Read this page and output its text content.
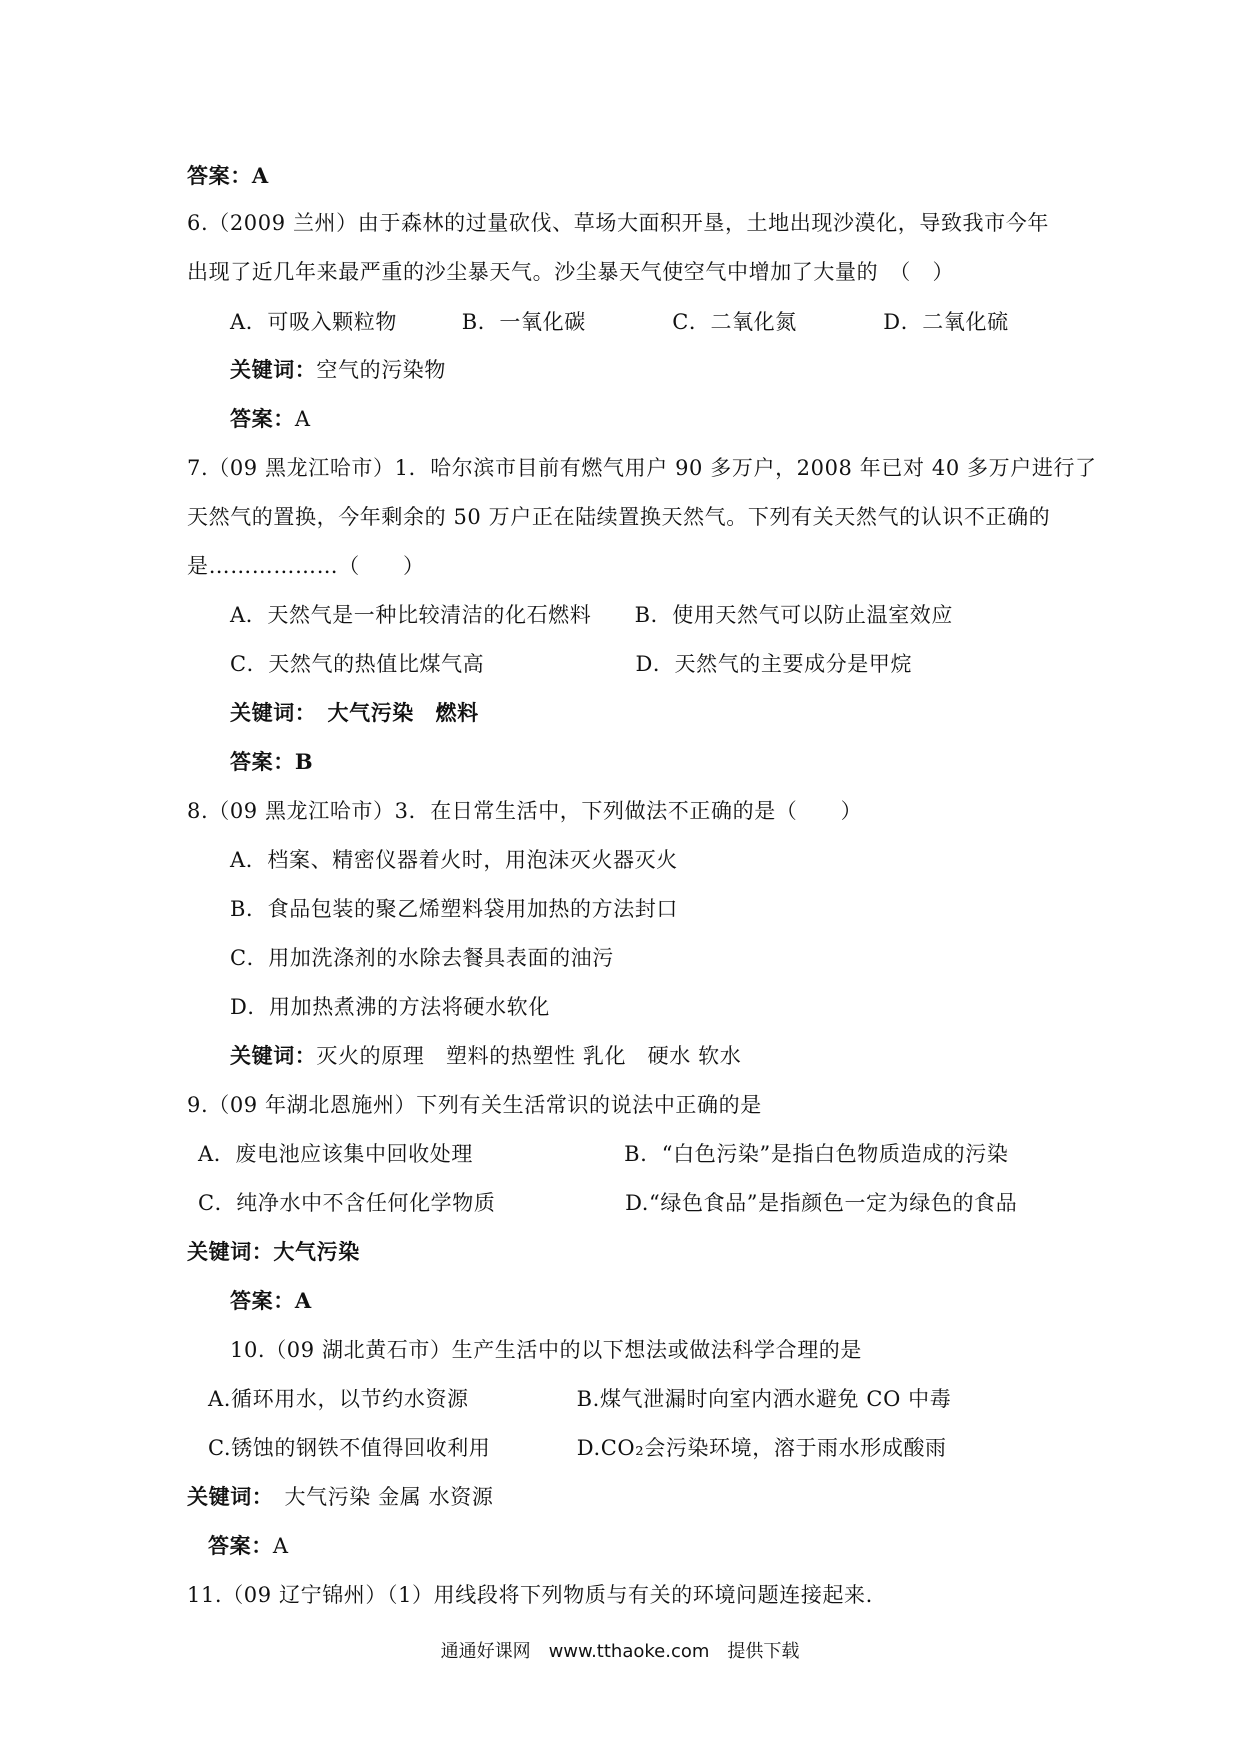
答案：A
6.（2009 兰州）由于森林的过量砍伐、草场大面积开垦，土地出现沙漠化，导致我市今年
出现了近几年来最严重的沙尘暴天气。沙尘暴天气使空气中增加了大量的　（　）
A．可吸入颗粒物　　　B．一氧化碳　　　　C．二氧化氮　　　　D．二氧化硫
关键词：空气的污染物
答案：A
7.（09 黑龙江哈市）1．哈尔滨市目前有燃气用户 90 多万户，2008 年已对 40 多万户进行了
天然气的置换，今年剩余的 50 万户正在陆续置换天然气。下列有关天然气的认识不正确的
是………………（　　）
A．天然气是一种比较清洁的化石燃料　　B．使用天然气可以防止温室效应
C．天然气的热值比煤气高　　　　　　　D．天然气的主要成分是甲烷
关键词：　大气污染　燃料
答案：B
8.（09 黑龙江哈市）3．在日常生活中，下列做法不正确的是（　　）
A．档案、精密仪器着火时，用泡沫灭火器灭火
B．食品包装的聚乙烯塑料袋用加热的方法封口
C．用加洗涤剂的水除去餐具表面的油污
D．用加热煮沸的方法将硬水软化
关键词：灭火的原理　塑料的热塑性 乳化　硬水 软水
9.（09 年湖北恩施州）下列有关生活常识的说法中正确的是
A．废电池应该集中回收处理　　　　　　　B．“白色污染”是指白色物质造成的污染
C．纯净水中不含任何化学物质　　　　　　D.“绿色食品”是指颜色一定为绿色的食品
关键词：大气污染
答案：A
10.（09 湖北黄石市）生产生活中的以下想法或做法科学合理的是
A.循环用水，以节约水资源　　　　　B.煤气泄漏时向室内洒水避免 CO 中毒
C.锈蚀的钢铁不值得回收利用　　　　D.CO₂会污染环境，溶于雨水形成酸雨
关键词：　大气污染 金属 水资源
答案：A
11.（09 辽宁锦州）（1）用线段将下列物质与有关的环境问题连接起来.
通通好课网　www.tthaoke.com　提供下载
